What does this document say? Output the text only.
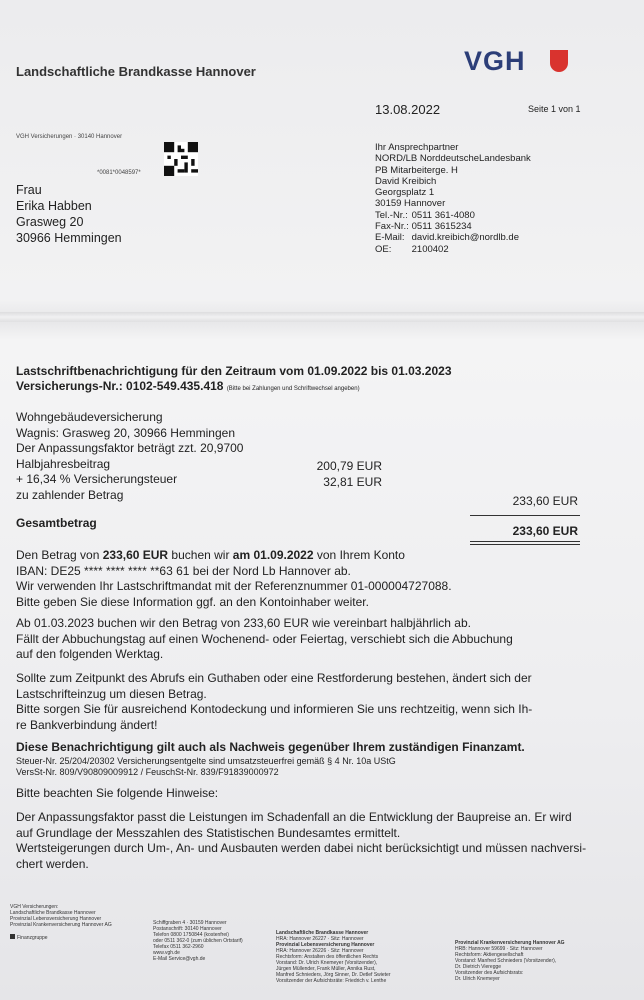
Landschaftliche Brandkasse Hannover	VGH
13.08.2022	Seite 1 von 1
VGH Versicherungen · 30140 Hannover
*0081*0048597*
Frau
Erika Habben
Grasweg 20
30966 Hemmingen
Ihr Ansprechpartner
NORD/LB NorddeutscheLandesbank
PB Mitarbeiterge. H
David Kreibich
Georgsplatz 1
30159 Hannover
Tel.-Nr.: 0511 361-4080
Fax-Nr.: 0511 3615234
E-Mail: david.kreibich@nordlb.de
OE: 2100402
Lastschriftbenachrichtigung für den Zeitraum vom 01.09.2022 bis 01.03.2023
Versicherungs-Nr.: 0102-549.435.418 (Bitte bei Zahlungen und Schriftwechsel angeben)
Wohngebäudeversicherung
Wagnis: Grasweg 20, 30966 Hemmingen
Der Anpassungsfaktor beträgt zzt. 20,9700
Halbjahresbeitrag
+ 16,34 % Versicherungsteuer
zu zahlender Betrag
200,79 EUR
32,81 EUR
233,60 EUR
Gesamtbetrag
233,60 EUR
Den Betrag von 233,60 EUR buchen wir am 01.09.2022 von Ihrem Konto
IBAN: DE25 **** **** **** **63 61 bei der Nord Lb Hannover ab.
Wir verwenden Ihr Lastschriftmandat mit der Referenznummer 01-000004727088.
Bitte geben Sie diese Information ggf. an den Kontoinhaber weiter.
Ab 01.03.2023 buchen wir den Betrag von 233,60 EUR wie vereinbart halbjährlich ab.
Fällt der Abbuchungstag auf einen Wochenend- oder Feiertag, verschiebt sich die Abbuchung
auf den folgenden Werktag.
Sollte zum Zeitpunkt des Abrufs ein Guthaben oder eine Restforderung bestehen, ändert sich der
Lastschrifteinzug um diesen Betrag.
Bitte sorgen Sie für ausreichend Kontodeckung und informieren Sie uns rechtzeitig, wenn sich Ih-
re Bankverbindung ändert!
Diese Benachrichtigung gilt auch als Nachweis gegenüber Ihrem zuständigen Finanzamt.
Steuer-Nr. 25/204/20302 Versicherungsentgelte sind umsatzsteuerfrei gemäß § 4 Nr. 10a UStG
VersSt-Nr. 809/V90809009912 / FeuschSt-Nr. 839/F91839000972
Bitte beachten Sie folgende Hinweise:
Der Anpassungsfaktor passt die Leistungen im Schadenfall an die Entwicklung der Baupreise an. Er wird
auf Grundlage der Messzahlen des Statistischen Bundesamtes ermittelt.
Wertsteigerungen durch Um-, An- und Ausbauten werden dabei nicht berücksichtigt und müssen nachversi-
chert werden.
VGH Versicherungen:
Landschaftliche Brandkasse Hannover
Provinzial Lebensversicherung Hannover
Provinzial Krankenversicherung Hannover AG

Finanzgruppe
Schiffgraben 4 · 30159 Hannover
Postanschrift: 30140 Hannover
Telefon 0800 1750844 (kostenfrei)
oder 0511 362-0 (zum üblichen Ortstarif)
Telefax 0511 362-2960
www.vgh.de
E-Mail Service@vgh.de
Landschaftliche Brandkasse Hannover
HRA: Hannover 26227 · Sitz: Hannover
Provinzial Lebensversicherung Hannover
HRA: Hannover 26226 · Sitz: Hannover
Rechtsform: Anstalten des öffentlichen Rechts
Vorstand: Dr. Ulrich Knemeyer (Vorsitzender),
Jürgen Müllender, Frank Müller, Annika Rust,
Manfred Schnieders, Jörg Sinner, Dr. Detlef Swieter
Vorsitzender der Aufsichtsräte: Friedrich v. Lenthe
Provinzial Krankenversicherung Hannover AG
HRB: Hannover 59699 · Sitz: Hannover
Rechtsform: Aktiengesellschaft
Vorstand: Manfred Schnieders (Vorsitzender),
Dr. Dietrich Vieregge
Vorsitzender des Aufsichtsrats:
Dr. Ulrich Knemeyer
